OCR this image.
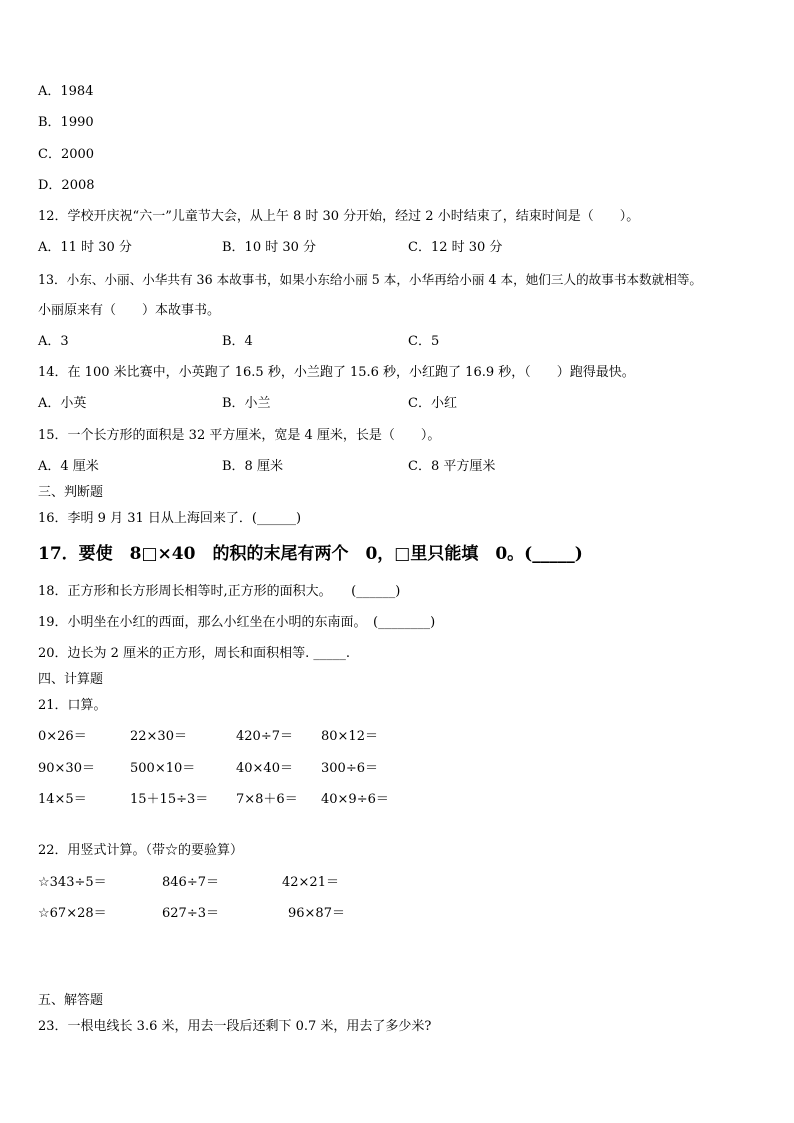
A．1984
B．1990
C．2000
D．2008
12．学校开庆祝“六一”儿童节大会，从上午 8 时 30 分开始，经过 2 小时结束了，结束时间是（　　）。
A．11 时 30 分	B．10 时 30 分	C．12 时 30 分
13．小东、小丽、小华共有 36 本故事书，如果小东给小丽 5 本，小华再给小丽 4 本，她们三人的故事书本数就相等。
小丽原来有（　　）本故事书。
A．3	B．4	C．5
14．在 100 米比赛中，小英跑了 16.5 秒，小兰跑了 15.6 秒，小红跑了 16.9 秒，（　　）跑得最快。
A．小英	B．小兰	C．小红
15．一个长方形的面积是 32 平方厘米，宽是 4 厘米，长是（　　）。
A．4 厘米	B．8 厘米	C．8 平方厘米
三、判断题
16．李明 9 月 31 日从上海回来了．(______)
17．要使　8□×40　的积的末尾有两个　0，□里只能填　0。(_____)
18．正方形和长方形周长相等时,正方形的面积大。　　(______)
19．小明坐在小红的西面，那么小红坐在小明的东南面。　(________)
20．边长为 2 厘米的正方形，周长和面积相等. _____.
四、计算题
21．口算。
0×26＝	22×30＝	420÷7＝ 80×12＝
90×30＝	500×10＝	40×40＝ 300÷6＝
14×5＝	15＋15÷3＝ 7×8＋6＝ 40×9÷6＝
22．用竖式计算。（带☆的要验算）
☆343÷5＝	846÷7＝	42×21＝
☆67×28＝	627÷3＝	96×87＝
五、解答题
23．一根电线长 3.6 米，用去一段后还剩下 0.7 米，用去了多少米?
